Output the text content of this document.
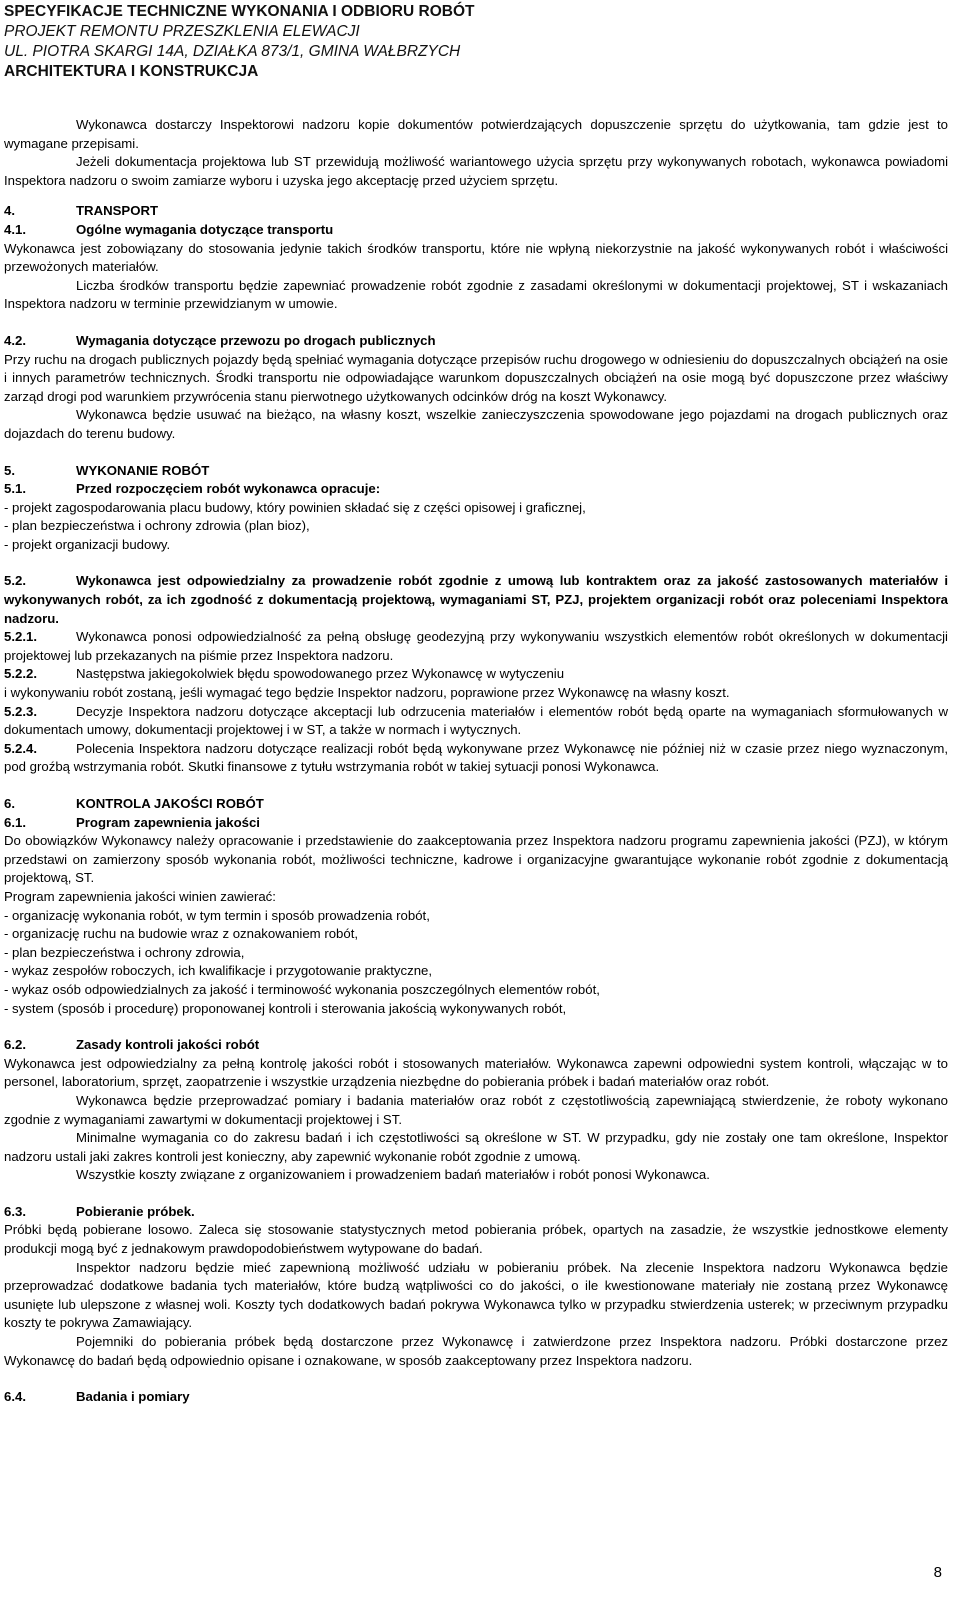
SPECYFIKACJE TECHNICZNE WYKONANIA I ODBIORU ROBÓT
PROJEKT REMONTU PRZESZKLENIA ELEWACJI
UL. PIOTRA SKARGI 14A, DZIAŁKA 873/1, GMINA WAŁBRZYCH
ARCHITEKTURA I KONSTRUKCJA

Wykonawca dostarczy Inspektorowi nadzoru kopie dokumentów potwierdzających dopuszczenie sprzętu do użytkowania, tam gdzie jest to wymagane przepisami.

Jeżeli dokumentacja projektowa lub ST przewidują możliwość wariantowego użycia sprzętu przy wykonywanych robotach, wykonawca powiadomi Inspektora nadzoru o swoim zamiarze wyboru i uzyska jego akceptację przed użyciem sprzętu.

4.	TRANSPORT
4.1.	Ogólne wymagania dotyczące transportu

Wykonawca jest zobowiązany do stosowania jedynie takich środków transportu, które nie wpłyną niekorzystnie na jakość wykonywanych robót i właściwości przewożonych materiałów.

Liczba środków transportu będzie zapewniać prowadzenie robót zgodnie z zasadami określonymi w dokumentacji projektowej, ST i wskazaniach Inspektora nadzoru w terminie przewidzianym w umowie.

4.2.	Wymagania dotyczące przewozu po drogach publicznych

Przy ruchu na drogach publicznych pojazdy będą spełniać wymagania dotyczące przepisów ruchu drogowego w odniesieniu do dopuszczalnych obciążeń na osie i innych parametrów technicznych. Środki transportu nie odpowiadające warunkom dopuszczalnych obciążeń na osie mogą być dopuszczone przez właściwy zarząd drogi pod warunkiem przywrócenia stanu pierwotnego użytkowanych odcinków dróg na koszt Wykonawcy.

Wykonawca będzie usuwać na bieżąco, na własny koszt, wszelkie zanieczyszczenia spowodowane jego pojazdami na drogach publicznych oraz dojazdach do terenu budowy.

5.	WYKONANIE ROBÓT
5.1.	Przed rozpoczęciem robót wykonawca opracuje:

- projekt zagospodarowania placu budowy, który powinien składać się z części opisowej i graficznej,

- plan bezpieczeństwa i ochrony zdrowia (plan bioz),

- projekt organizacji budowy.

5.2.	Wykonawca jest odpowiedzialny za prowadzenie robót zgodnie z umową lub kontraktem oraz za jakość zastosowanych materiałów i wykonywanych robót, za ich zgodność z dokumentacją projektową, wymaganiami ST, PZJ, projektem organizacji robót oraz poleceniami Inspektora nadzoru.

5.2.1.	Wykonawca ponosi odpowiedzialność za pełną obsługę geodezyjną przy wykonywaniu wszystkich elementów robót określonych w dokumentacji projektowej lub przekazanych na piśmie przez Inspektora nadzoru.

5.2.2.	Następstwa jakiegokolwiek błędu spowodowanego przez Wykonawcę w wytyczeniu

i wykonywaniu robót zostaną, jeśli wymagać tego będzie Inspektor nadzoru, poprawione przez Wykonawcę na własny koszt.

5.2.3.	Decyzje Inspektora nadzoru dotyczące akceptacji lub odrzucenia materiałów i elementów robót będą oparte na wymaganiach sformułowanych w dokumentach umowy, dokumentacji projektowej i w ST, a także w normach i wytycznych.

5.2.4.	Polecenia Inspektora nadzoru dotyczące realizacji robót będą wykonywane przez Wykonawcę nie później niż w czasie przez niego wyznaczonym, pod groźbą wstrzymania robót. Skutki finansowe z tytułu wstrzymania robót w takiej sytuacji ponosi Wykonawca.

6.	KONTROLA JAKOŚCI ROBÓT
6.1.	Program zapewnienia jakości

Do obowiązków Wykonawcy należy opracowanie i przedstawienie do zaakceptowania przez Inspektora nadzoru programu zapewnienia jakości (PZJ), w którym przedstawi on zamierzony sposób wykonania robót, możliwości techniczne, kadrowe i organizacyjne gwarantujące wykonanie robót zgodnie z dokumentacją projektową, ST.

Program zapewnienia jakości winien zawierać:

- organizację wykonania robót, w tym termin i sposób prowadzenia robót,

- organizację ruchu na budowie wraz z oznakowaniem robót,

- plan bezpieczeństwa i ochrony zdrowia,

- wykaz zespołów roboczych, ich kwalifikacje i przygotowanie praktyczne,

- wykaz osób odpowiedzialnych za jakość i terminowość wykonania poszczególnych elementów robót,

- system (sposób i procedurę) proponowanej kontroli i sterowania jakością wykonywanych robót,

6.2.	Zasady kontroli jakości robót

Wykonawca jest odpowiedzialny za pełną kontrolę jakości robót i stosowanych materiałów. Wykonawca zapewni odpowiedni system kontroli, włączając w to personel, laboratorium, sprzęt, zaopatrzenie i wszystkie urządzenia niezbędne do pobierania próbek i badań materiałów oraz robót.

Wykonawca będzie przeprowadzać pomiary i badania materiałów oraz robót z częstotliwością zapewniającą stwierdzenie, że roboty wykonano zgodnie z wymaganiami zawartymi w dokumentacji projektowej i ST.

Minimalne wymagania co do zakresu badań i ich częstotliwości są określone w ST. W przypadku, gdy nie zostały one tam określone, Inspektor nadzoru ustali jaki zakres kontroli jest konieczny, aby zapewnić wykonanie robót zgodnie z umową.

Wszystkie koszty związane z organizowaniem i prowadzeniem badań materiałów i robót ponosi Wykonawca.

6.3.	Pobieranie próbek.

Próbki będą pobierane losowo. Zaleca się stosowanie statystycznych metod pobierania próbek, opartych na zasadzie, że wszystkie jednostkowe elementy produkcji mogą być z jednakowym prawdopodobieństwem wytypowane do badań.

Inspektor nadzoru będzie mieć zapewnioną możliwość udziału w pobieraniu próbek. Na zlecenie Inspektora nadzoru Wykonawca będzie przeprowadzać dodatkowe badania tych materiałów, które budzą wątpliwości co do jakości, o ile kwestionowane materiały nie zostaną przez Wykonawcę usunięte lub ulepszone z własnej woli. Koszty tych dodatkowych badań pokrywa Wykonawca tylko w przypadku stwierdzenia usterek; w przeciwnym przypadku koszty te pokrywa Zamawiający.

Pojemniki do pobierania próbek będą dostarczone przez Wykonawcę i zatwierdzone przez Inspektora nadzoru. Próbki dostarczone przez Wykonawcę do badań będą odpowiednio opisane i oznakowane, w sposób zaakceptowany przez Inspektora nadzoru.

6.4.	Badania i pomiary
8
